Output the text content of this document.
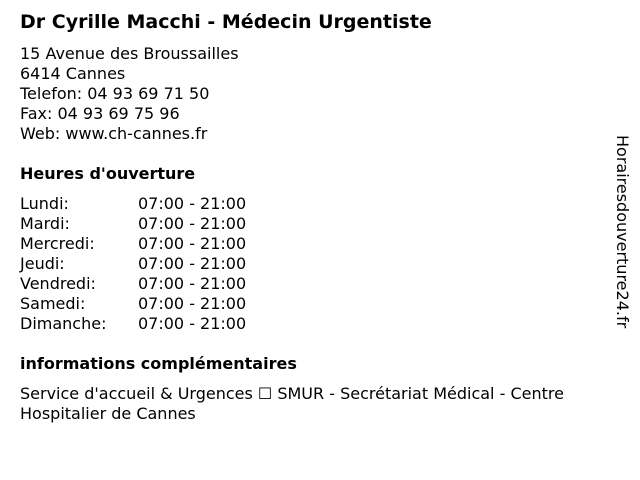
Dr Cyrille Macchi - Médecin Urgentiste
15 Avenue des Broussailles
6414 Cannes
Telefon: 04 93 69 71 50
Fax: 04 93 69 75 96
Web: www.ch-cannes.fr
Heures d'ouverture
Lundi:	07:00 - 21:00
Mardi:	07:00 - 21:00
Mercredi:	07:00 - 21:00
Jeudi:	07:00 - 21:00
Vendredi:	07:00 - 21:00
Samedi:	07:00 - 21:00
Dimanche:	07:00 - 21:00
informations complémentaires
Service d'accueil & Urgences ☐ SMUR - Secrétariat Médical - Centre Hospitalier de Cannes
Horairesdouverture24.fr
